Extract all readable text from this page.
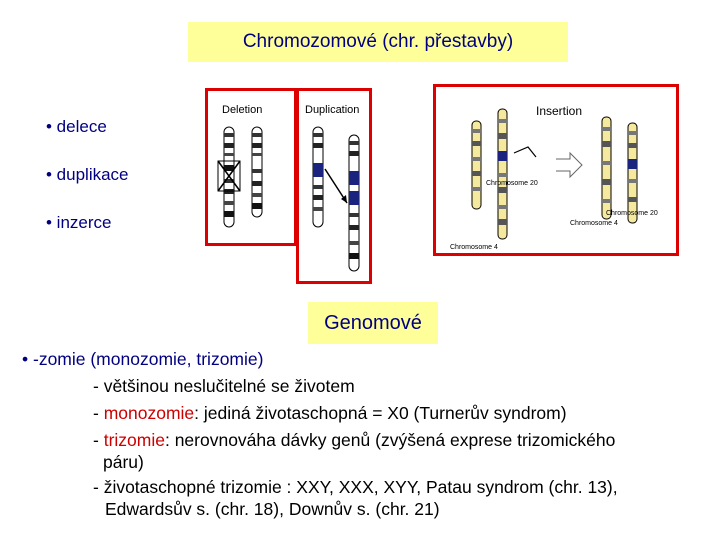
Chromozomové (chr. přestavby)
• delece
• duplikace
• inzerce
Deletion	Duplication	Insertion
Chromosome 20
Chromosome 4
Chromosome 20
Chromosome 4
Genomové
• -zomie (monozomie, trizomie)
- většinou neslučitelné se životem
- monozomie: jediná životaschopná = X0 (Turnerův syndrom)
- trizomie: nerovnováha dávky genů (zvýšená exprese trizomického
páru)
- životaschopné trizomie : XXY, XXX, XYY, Patau syndrom (chr. 13),
Edwardsův s. (chr. 18), Downův s. (chr. 21)
